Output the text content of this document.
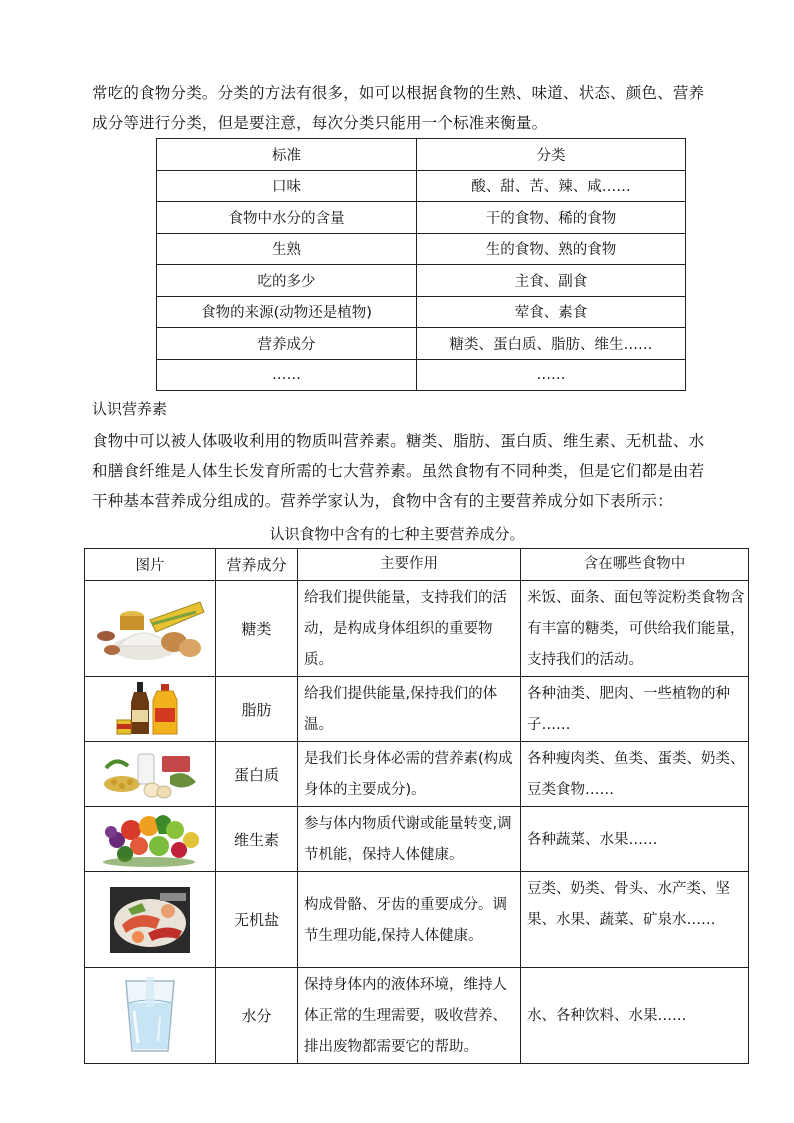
常吃的食物分类。分类的方法有很多，如可以根据食物的生熟、味道、状态、颜色、营养成分等进行分类，但是要注意，每次分类只能用一个标准来衡量。
标准	分类
口味	酸、甜、苦、辣、咸……
食物中水分的含量	干的食物、稀的食物
生熟	生的食物、熟的食物
吃的多少	主食、副食
食物的来源(动物还是植物)	荤食、素食
营养成分	糖类、蛋白质、脂肪、维生……
……	……
认识营养素
食物中可以被人体吸收利用的物质叫营养素。糖类、脂肪、蛋白质、维生素、无机盐、水和膳食纤维是人体生长发育所需的七大营养素。虽然食物有不同种类，但是它们都是由若干种基本营养成分组成的。营养学家认为，食物中含有的主要营养成分如下表所示：
认识食物中含有的七种主要营养成分。
图片	营养成分	主要作用	含在哪些食物中

	糖类	给我们提供能量，支持我们的活动，是构成身体组织的重要物质。	米饭、面条、面包等淀粉类食物含有丰富的糖类，可供给我们能量，支持我们的活动。

	脂肪	给我们提供能量,保持我们的体温。	各种油类、肥肉、一些植物的种子……

	蛋白质	是我们长身体必需的营养素(构成身体的主要成分)。	各种瘦肉类、鱼类、蛋类、奶类、豆类食物……

	维生素	参与体内物质代谢或能量转变,调节机能，保持人体健康。	各种蔬菜、水果……

	无机盐	构成骨骼、牙齿的重要成分。调节生理功能,保持人体健康。	豆类、奶类、骨头、水产类、坚果、水果、蔬菜、矿泉水……

	水分	保持身体内的液体环境，维持人体正常的生理需要，吸收营养、排出废物都需要它的帮助。	水、各种饮料、水果……
